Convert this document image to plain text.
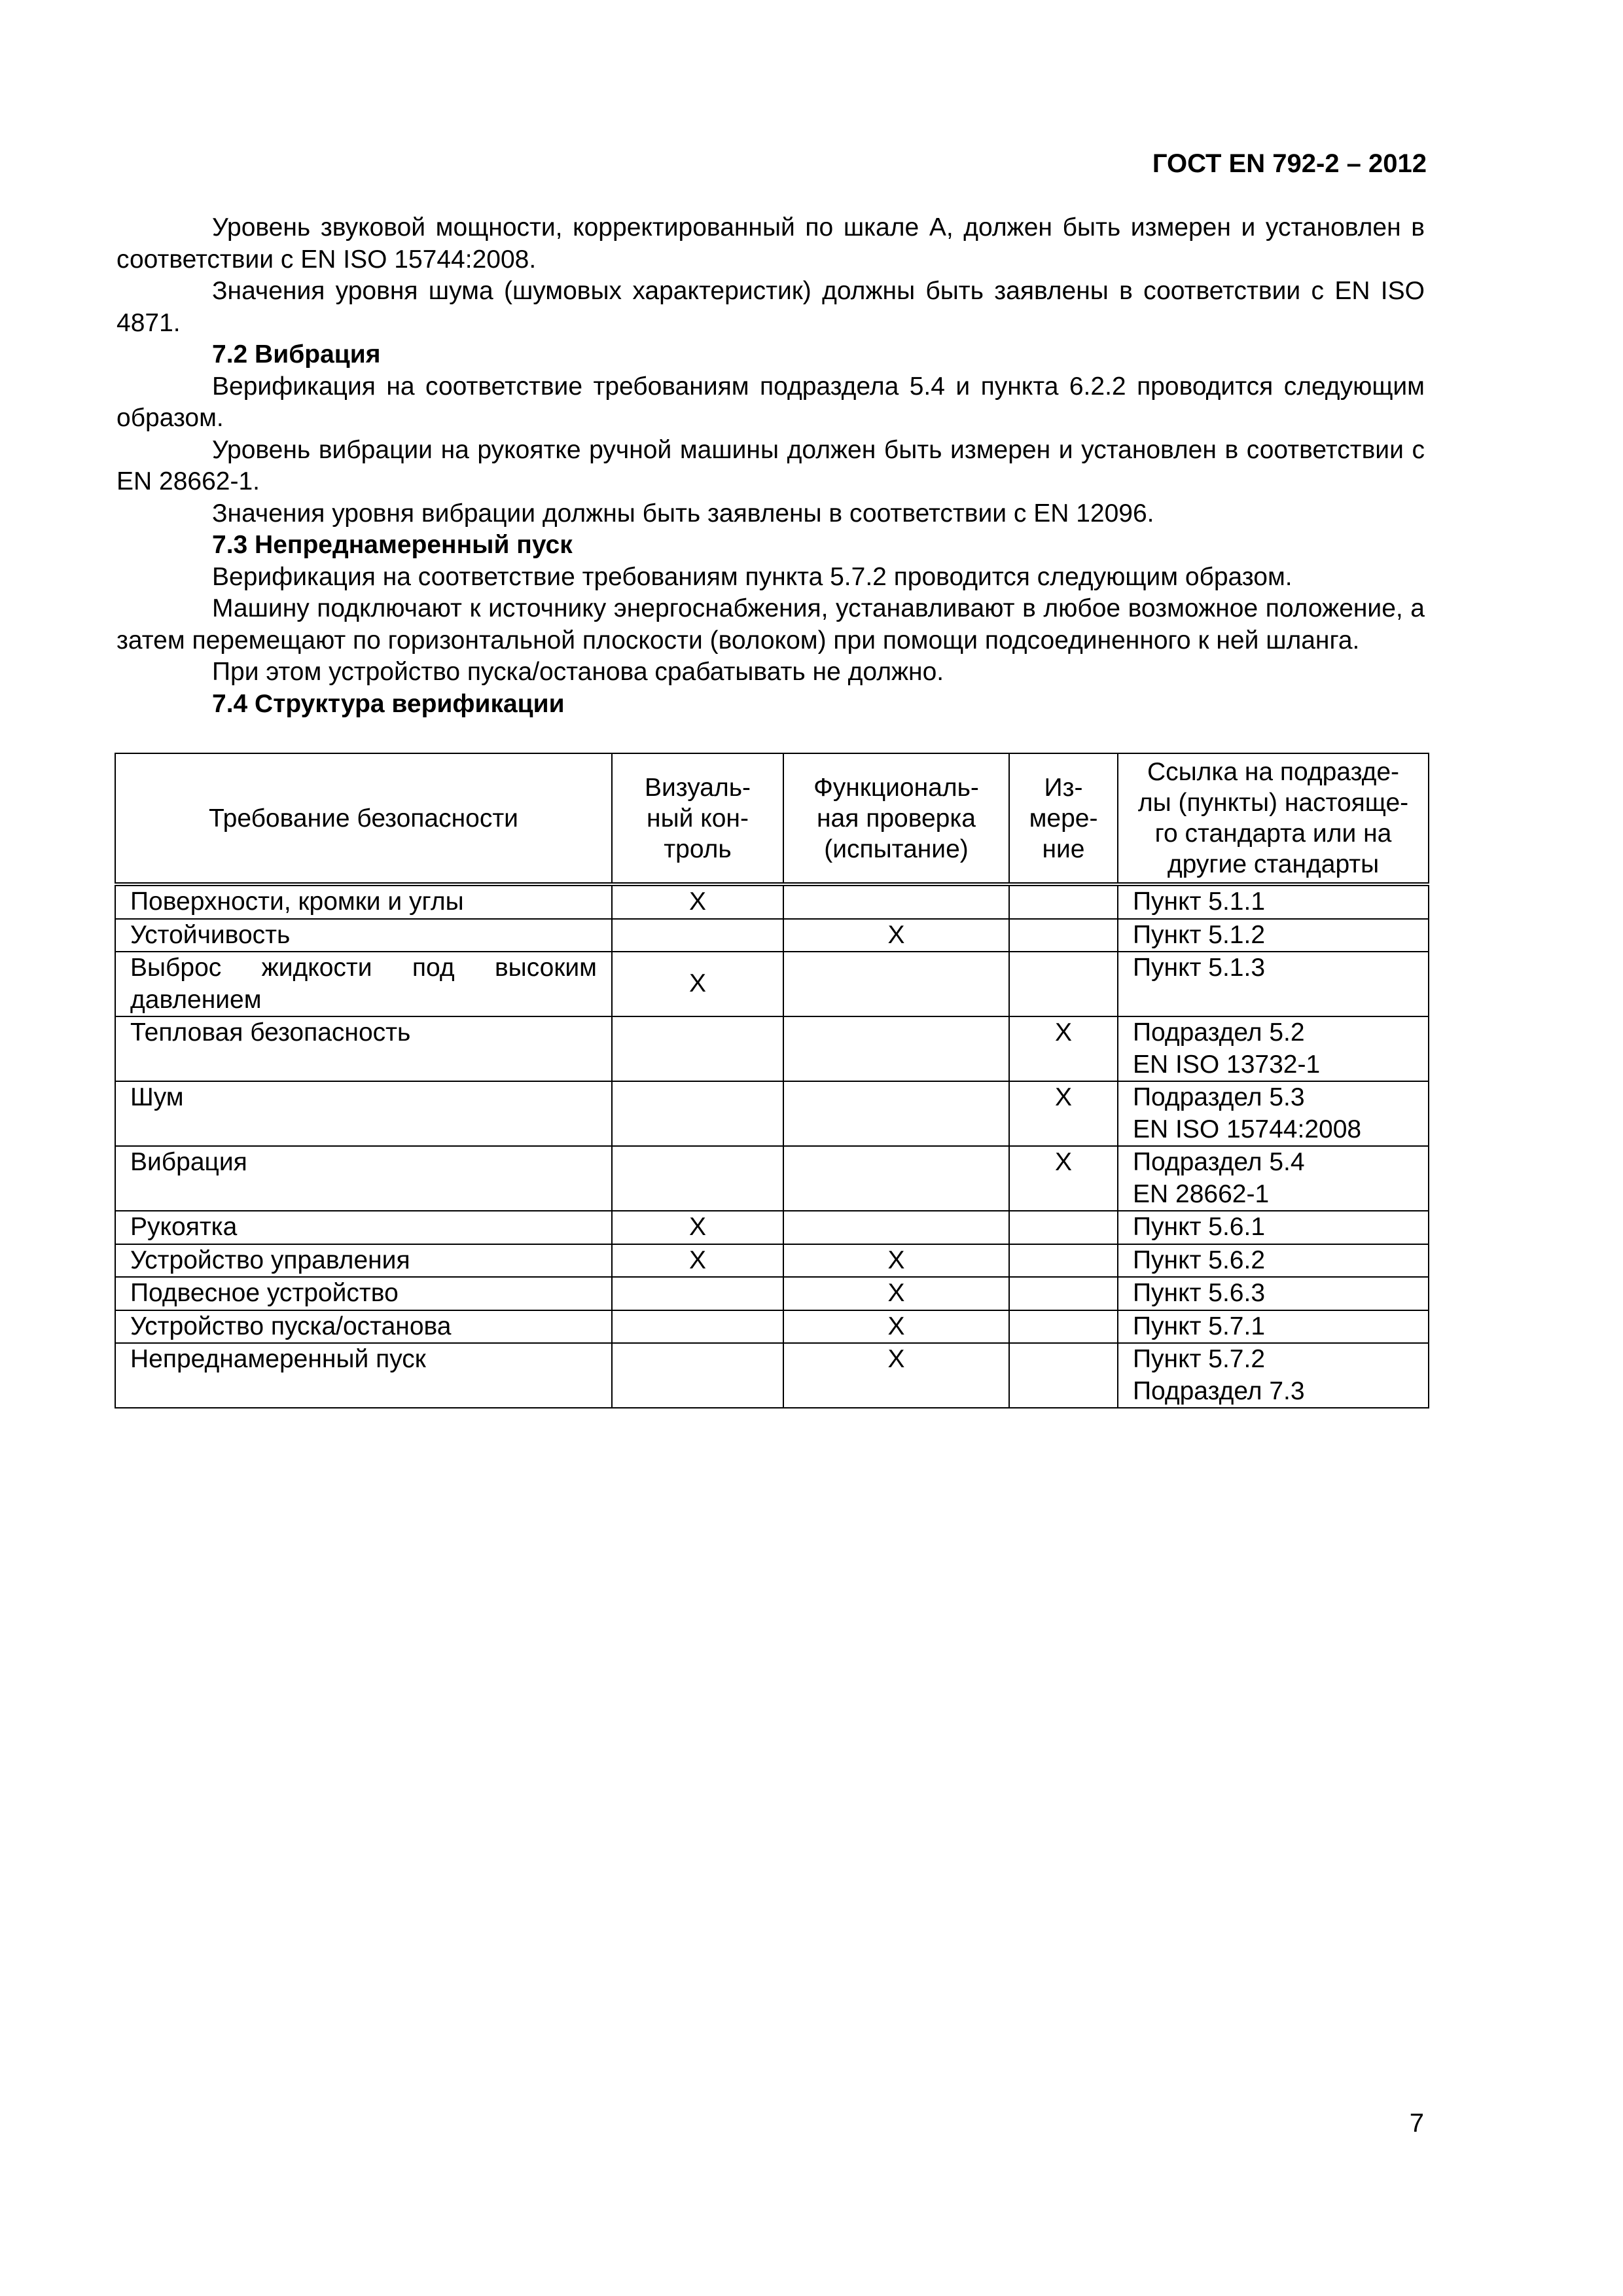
ГОСТ EN 792-2 – 2012

Уровень звуковой мощности, корректированный по шкале А, должен быть измерен и установлен в соответствии с EN ISO 15744:2008.

Значения уровня шума (шумовых характеристик) должны быть заявлены в соответствии с EN ISO 4871.

7.2 Вибрация

Верификация на соответствие требованиям подраздела 5.4 и пункта 6.2.2 проводится следующим образом.

Уровень вибрации на рукоятке ручной машины должен быть измерен и установлен в соответствии с EN 28662-1.

Значения уровня вибрации должны быть заявлены в соответствии с EN 12096.

7.3 Непреднамеренный пуск

Верификация на соответствие требованиям пункта 5.7.2 проводится следующим образом.

Машину подключают к источнику энергоснабжения, устанавливают в любое возможное положение, а затем перемещают по горизонтальной плоскости (волоком) при помощи подсоединенного к ней шланга.

При этом устройство пуска/останова срабатывать не должно.

7.4 Структура верификации

Требование безопасности	Визуаль-
ный кон-
троль	Функциональ-
ная проверка
(испытание)	Из-
мере-
ние	Ссылка на подразде-
лы (пункты) настояще-
го стандарта или на
другие стандарты
Поверхности, кромки и углы	X			Пункт 5.1.1
Устойчивость		X		Пункт 5.1.2
Выброс жидкости под высоким давлением	X			Пункт 5.1.3
Тепловая безопасность			X	Подраздел 5.2
EN ISO 13732-1
Шум			X	Подраздел 5.3
EN ISO 15744:2008
Вибрация			X	Подраздел 5.4
EN 28662-1
Рукоятка	X			Пункт 5.6.1
Устройство управления	X	X		Пункт 5.6.2
Подвесное устройство		X		Пункт 5.6.3
Устройство пуска/останова		X		Пункт 5.7.1
Непреднамеренный пуск		X		Пункт 5.7.2
Подраздел 7.3
7
